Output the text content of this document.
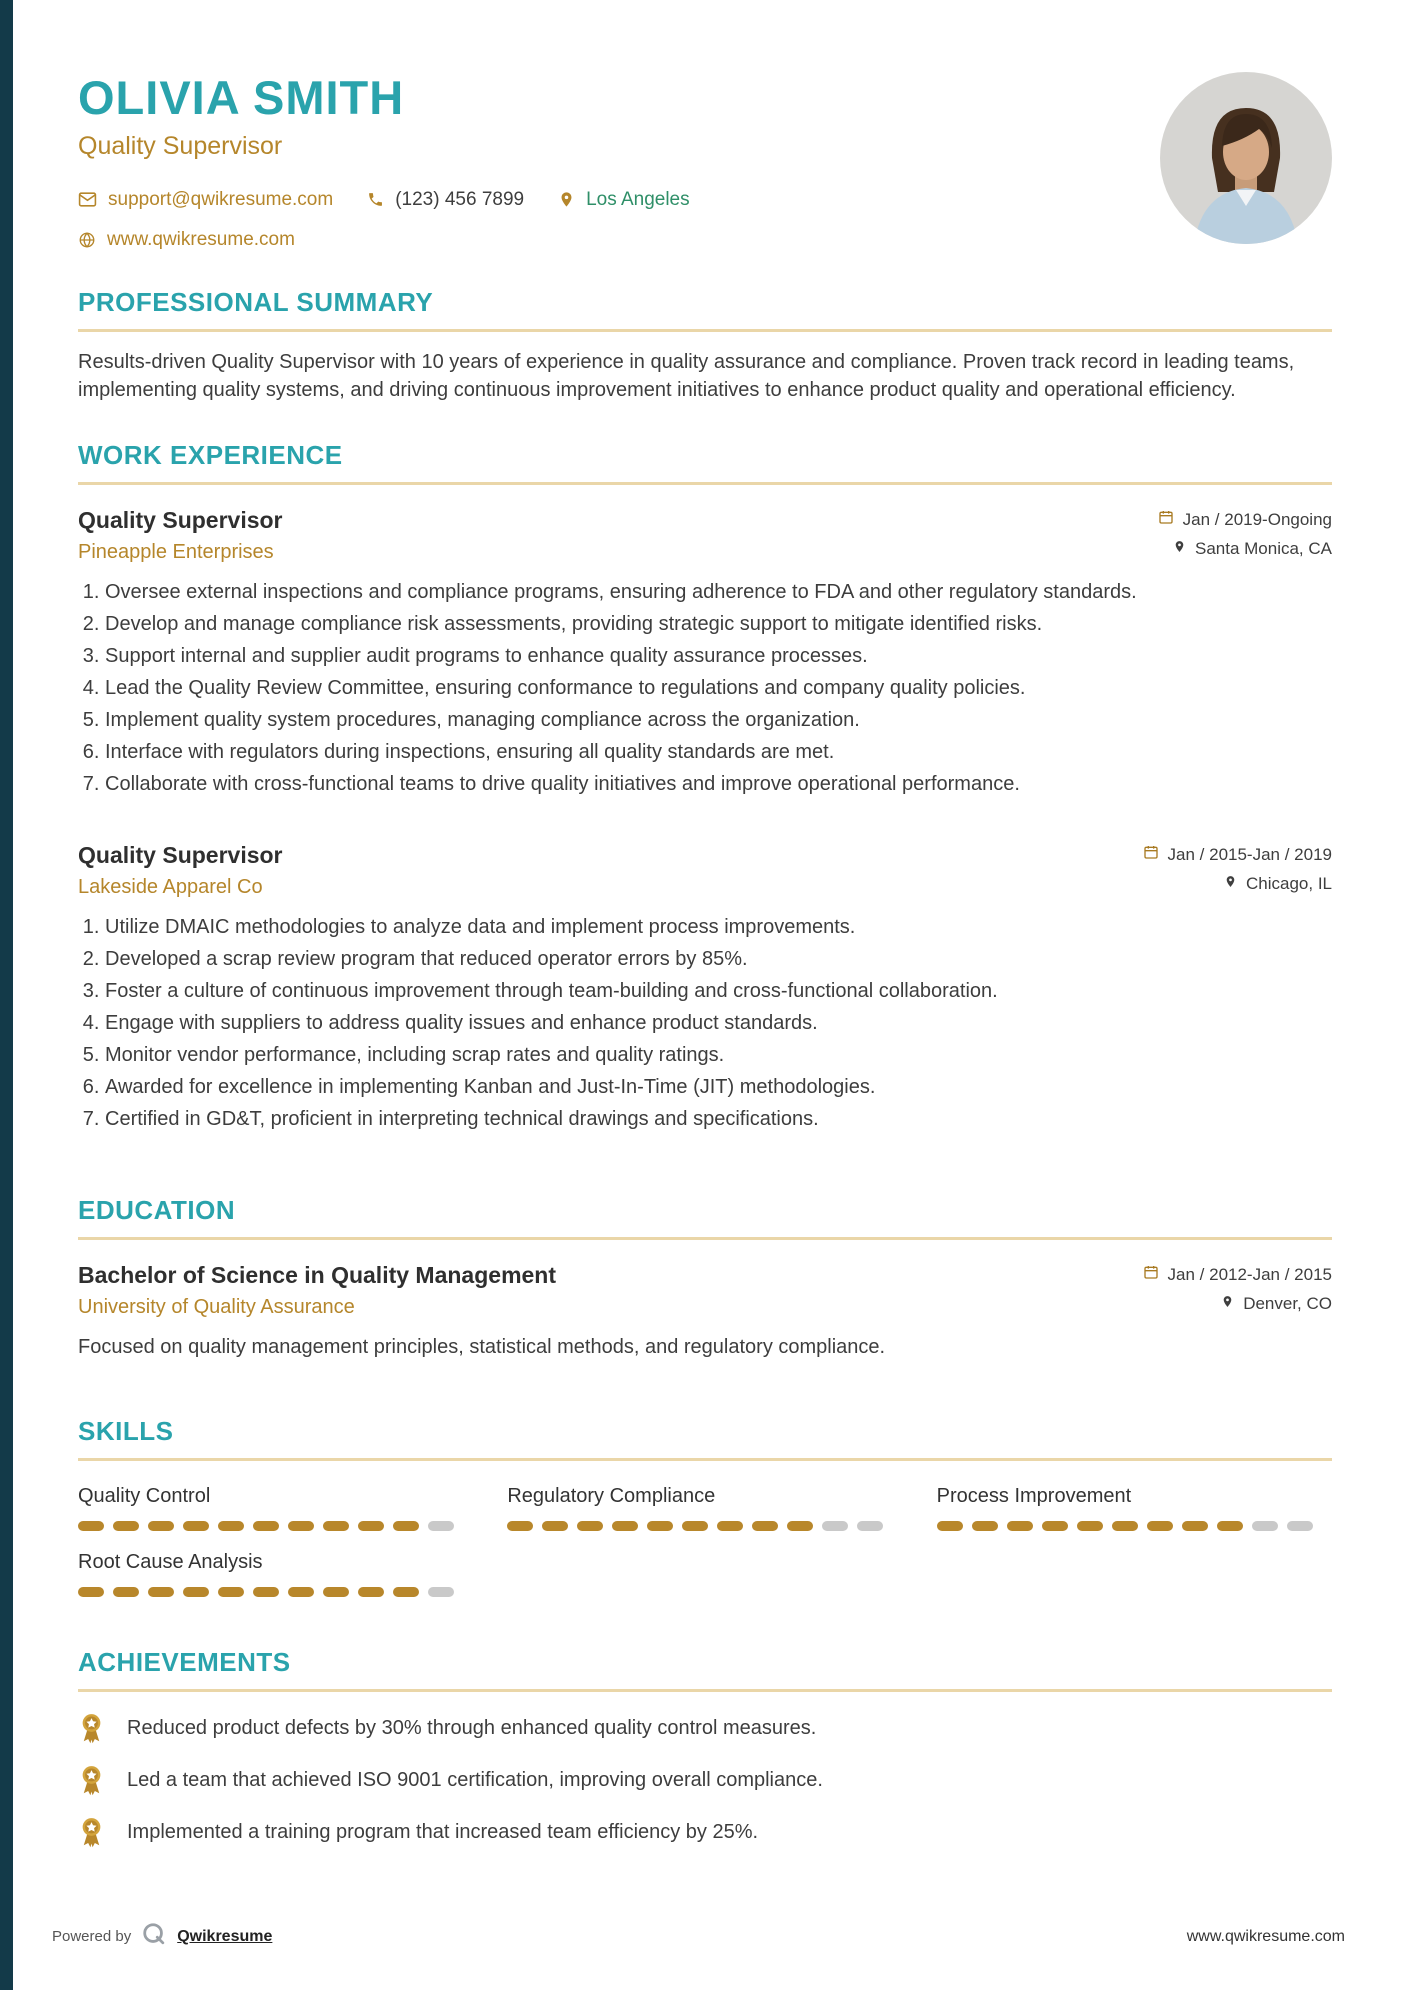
OLIVIA SMITH
Quality Supervisor
support@qwikresume.com	(123) 456 7899	Los Angeles
www.qwikresume.com
PROFESSIONAL SUMMARY
Results-driven Quality Supervisor with 10 years of experience in quality assurance and compliance. Proven track record in leading teams, implementing quality systems, and driving continuous improvement initiatives to enhance product quality and operational efficiency.
WORK EXPERIENCE
Quality Supervisor
Pineapple Enterprises
Jan / 2019-Ongoing
Santa Monica, CA
1. Oversee external inspections and compliance programs, ensuring adherence to FDA and other regulatory standards.
2. Develop and manage compliance risk assessments, providing strategic support to mitigate identified risks.
3. Support internal and supplier audit programs to enhance quality assurance processes.
4. Lead the Quality Review Committee, ensuring conformance to regulations and company quality policies.
5. Implement quality system procedures, managing compliance across the organization.
6. Interface with regulators during inspections, ensuring all quality standards are met.
7. Collaborate with cross-functional teams to drive quality initiatives and improve operational performance.
Quality Supervisor
Lakeside Apparel Co
Jan / 2015-Jan / 2019
Chicago, IL
1. Utilize DMAIC methodologies to analyze data and implement process improvements.
2. Developed a scrap review program that reduced operator errors by 85%.
3. Foster a culture of continuous improvement through team-building and cross-functional collaboration.
4. Engage with suppliers to address quality issues and enhance product standards.
5. Monitor vendor performance, including scrap rates and quality ratings.
6. Awarded for excellence in implementing Kanban and Just-In-Time (JIT) methodologies.
7. Certified in GD&T, proficient in interpreting technical drawings and specifications.
EDUCATION
Bachelor of Science in Quality Management
University of Quality Assurance
Jan / 2012-Jan / 2015
Denver, CO
Focused on quality management principles, statistical methods, and regulatory compliance.
SKILLS
Quality Control	Regulatory Compliance	Process Improvement
Root Cause Analysis
ACHIEVEMENTS
Reduced product defects by 30% through enhanced quality control measures.
Led a team that achieved ISO 9001 certification, improving overall compliance.
Implemented a training program that increased team efficiency by 25%.
Powered by	Qwikresume	www.qwikresume.com
